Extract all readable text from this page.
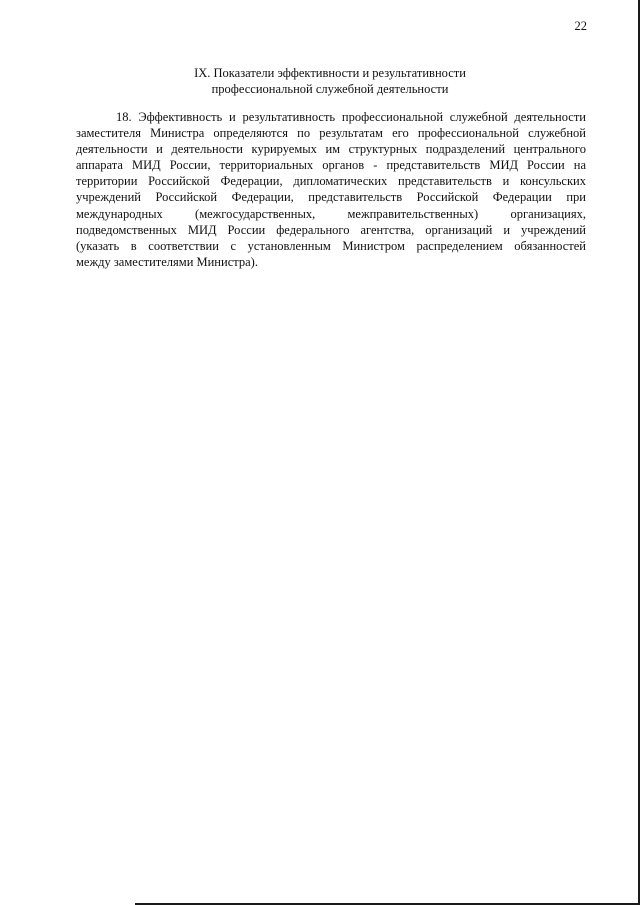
22
IX. Показатели эффективности и результативности
профессиональной служебной деятельности
18. Эффективность и результативность профессиональной служебной деятельности
заместителя Министра определяются по результатам его профессиональной служебной
деятельности и деятельности курируемых им структурных подразделений центрального
аппарата МИД России, территориальных органов - представительств МИД России на
территории Российской Федерации, дипломатических представительств и консульских
учреждений Российской Федерации, представительств Российской Федерации при
международных (межгосударственных, межправительственных) организациях,
подведомственных МИД России федерального агентства, организаций и учреждений
(указать в соответствии с установленным Министром распределением обязанностей
между заместителями Министра).
